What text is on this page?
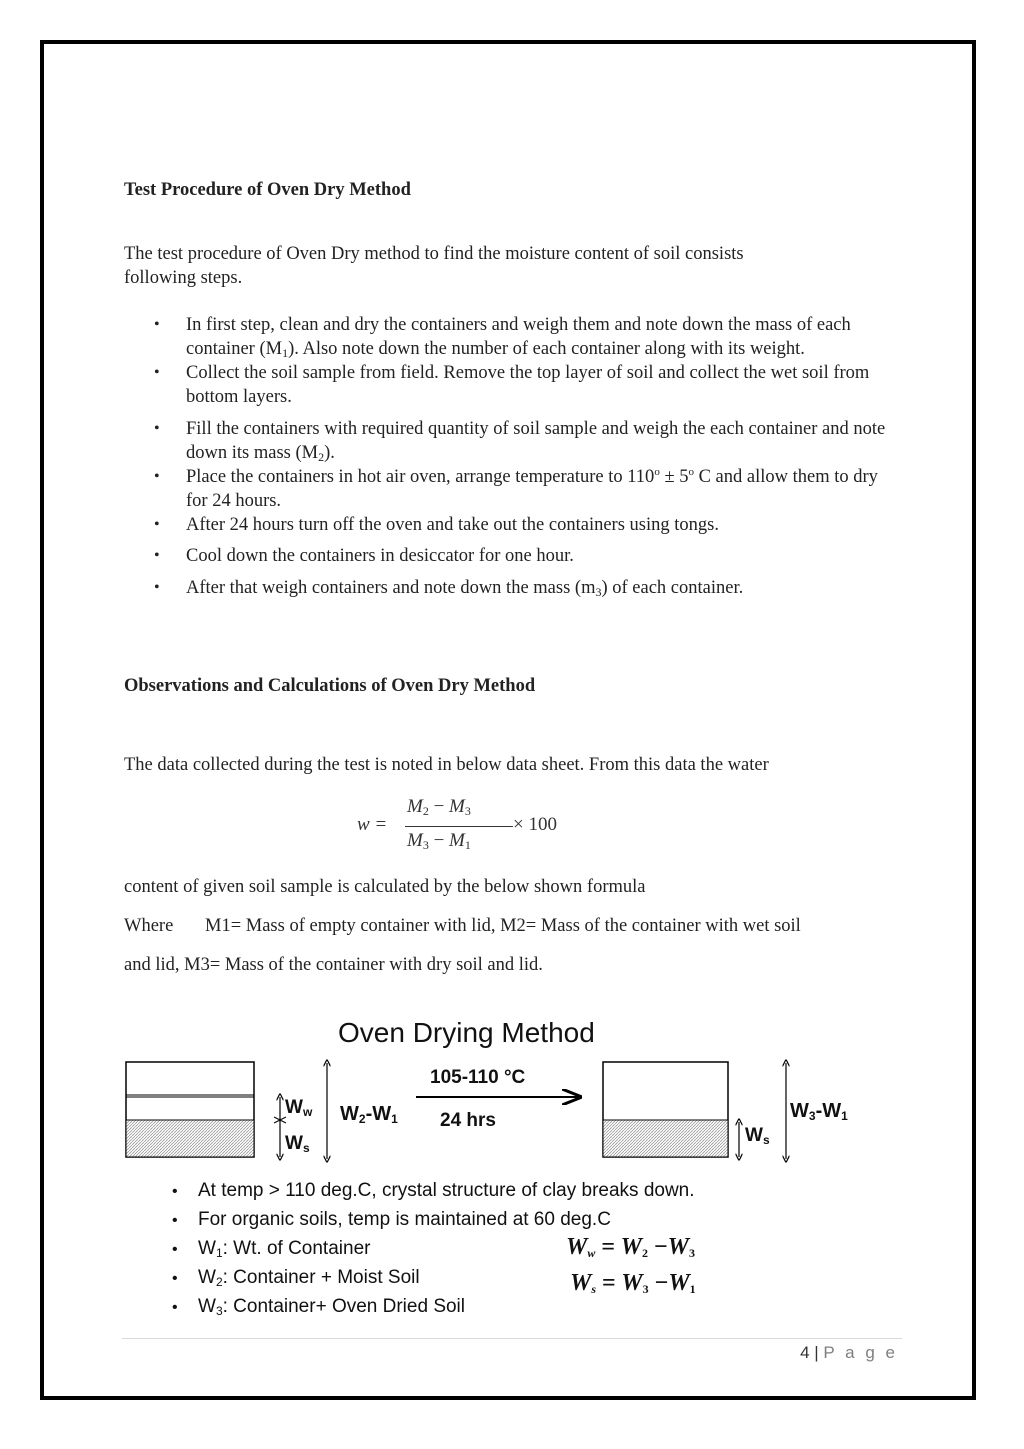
Test Procedure of Oven Dry Method
The test procedure of Oven Dry method to find the moisture content of soil consists
following steps.
• In first step, clean and dry the containers and weigh them and note down the mass of each container $(M_1)$. Also note down the number of each container along with its weight.
• Collect the soil sample from field. Remove the top layer of soil and collect the wet soil from bottom layers.
• Fill the containers with required quantity of soil sample and weigh the each container and note down its mass $(M_2)$.
• Place the containers in hot air oven, arrange temperature to $110^o \pm 5^o$ C and allow them to dry for 24 hours.
• After 24 hours turn off the oven and take out the containers using tongs.
• Cool down the containers in desiccator for one hour.
• After that weigh containers and note down the mass $(m_3)$ of each container.
Observations and Calculations of Oven Dry Method
The data collected during the test is noted in below data sheet. From this data the water
w =
$M_2 - M_3$
$M_3 - M_1$
× 100
content of given soil sample is calculated by the below shown formula
Where M1= Mass of empty container with lid, M2= Mass of the container with wet soil
and lid, M3= Mass of the container with dry soil and lid.
Oven Drying Method
$W_w$
$W_s$
$W_2-W_1$
105-110 °C
24 hrs
$W_s$
$W_3-W_1$
• At temp > 110 deg.C, crystal structure of clay breaks down.
• For organic soils, temp is maintained at 60 deg.C
• $W_1$: Wt. of Container
• $W_2$: Container + Moist Soil
• $W_3$: Container+ Oven Dried Soil
$W_w = W_2 -W_3$
$W_s = W_3 -W_1$
4 | P a g e
